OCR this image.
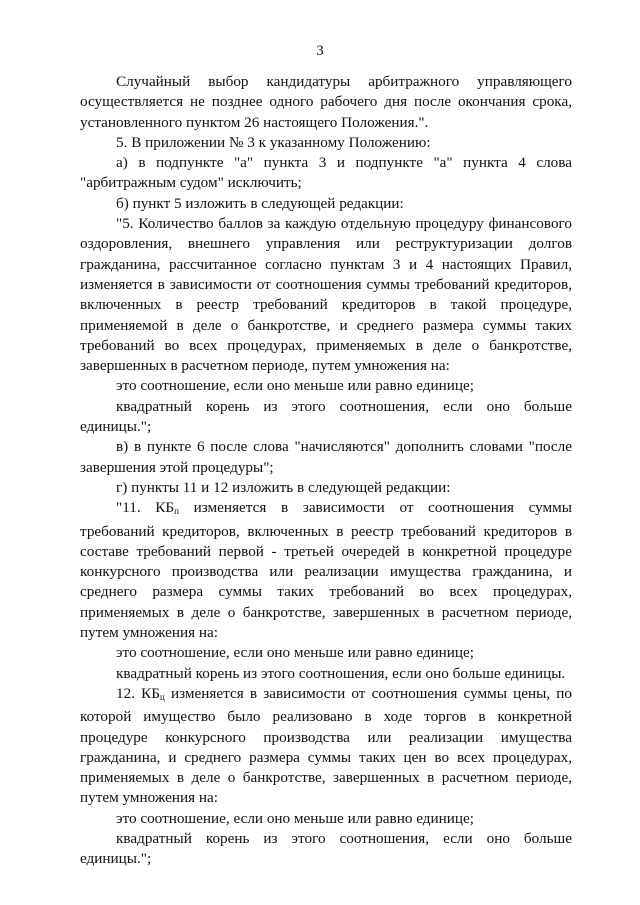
3

Случайный выбор кандидатуры арбитражного управляющего осуществляется не позднее одного рабочего дня после окончания срока, установленного пунктом 26 настоящего Положения.".

5. В приложении № 3 к указанному Положению:

а) в подпункте "а" пункта 3 и подпункте "а" пункта 4 слова "арбитражным судом" исключить;

б) пункт 5 изложить в следующей редакции:

"5. Количество баллов за каждую отдельную процедуру финансового оздоровления, внешнего управления или реструктуризации долгов гражданина, рассчитанное согласно пунктам 3 и 4 настоящих Правил, изменяется в зависимости от соотношения суммы требований кредиторов, включенных в реестр требований кредиторов в такой процедуре, применяемой в деле о банкротстве, и среднего размера суммы таких требований во всех процедурах, применяемых в деле о банкротстве, завершенных в расчетном периоде, путем умножения на:

это соотношение, если оно меньше или равно единице;

квадратный корень из этого соотношения, если оно больше единицы.";

в) в пункте 6 после слова "начисляются" дополнить словами "после завершения этой процедуры";

г) пункты 11 и 12 изложить в следующей редакции:

"11. $КБ_п$ изменяется в зависимости от соотношения суммы требований кредиторов, включенных в реестр требований кредиторов в составе требований первой - третьей очередей в конкретной процедуре конкурсного производства или реализации имущества гражданина, и среднего размера суммы таких требований во всех процедурах, применяемых в деле о банкротстве, завершенных в расчетном периоде, путем умножения на:

это соотношение, если оно меньше или равно единице;

квадратный корень из этого соотношения, если оно больше единицы.

12. $КБ_ц$ изменяется в зависимости от соотношения суммы цены, по которой имущество было реализовано в ходе торгов в конкретной процедуре конкурсного производства или реализации имущества гражданина, и среднего размера суммы таких цен во всех процедурах, применяемых в деле о банкротстве, завершенных в расчетном периоде, путем умножения на:

это соотношение, если оно меньше или равно единице;

квадратный корень из этого соотношения, если оно больше единицы.";
